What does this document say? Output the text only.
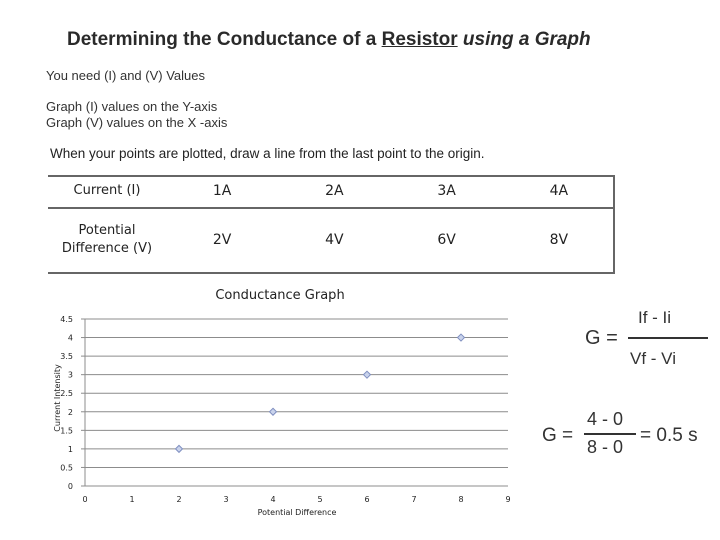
Determining the Conductance of a Resistor using a Graph
You need (I) and (V) Values
Graph (I) values on the Y-axis
Graph (V) values on the X -axis
When your points are plotted, draw a line from the last point to the origin.
Current (I)	1A	2A	3A	4A
Potential
Difference (V)	2V	4V	6V	8V
Conductance Graph
0
0.5
1
1.5
2
2.5
3
3.5
4
4.5
0	1	2	3	4	5	6	7	8	9
Potential Difference
Current Intensity
G =
If - Ii
Vf - Vi
G =
4 - 0
8 - 0
= 0.5 s
